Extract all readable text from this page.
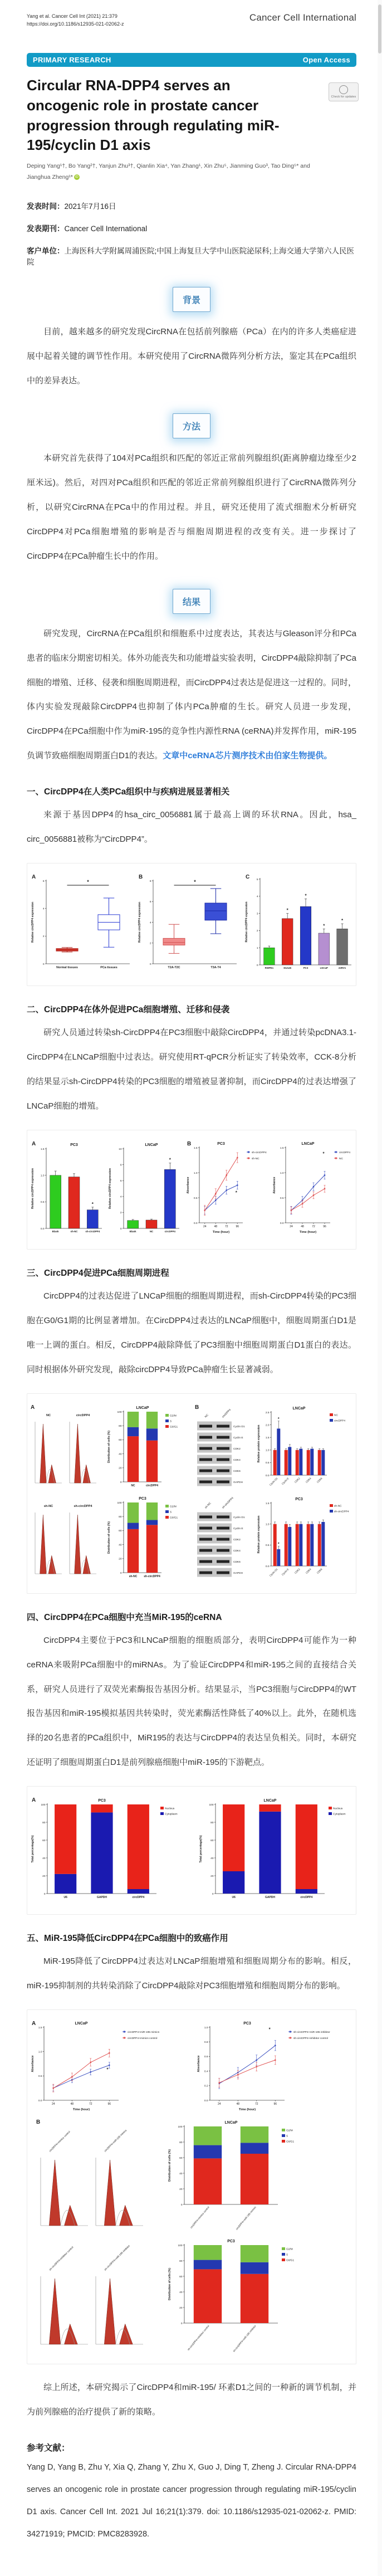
Yang et al. Cancer Cell Int (2021) 21:379
https://doi.org/10.1186/s12935-021-02062-z
Cancer Cell International
PRIMARY RESEARCH	Open Access
Circular RNA-DPP4 serves an oncogenic role in prostate cancer progression through regulating miR-195/cyclin D1 axis
Check for updates
Deping Yang¹†, Bo Yang²†, Yanjun Zhu³†, Qianlin Xia⁴, Yan Zhang¹, Xin Zhu⁵, Jianming Guo³, Tao Ding⁵* and Jianghua Zheng¹* iD
发表时间：2021年7月16日
发表期刊：Cancer Cell International
客户单位：上海医科大学附属周浦医院;中国上海复旦大学中山医院泌尿科;上海交通大学第六人民医院
背景

目前，越来越多的研究发现CircRNA在包括前列腺癌（PCa）在内的许多人类癌症进展中起着关键的调节性作用。本研究使用了CircRNA微阵列分析方法，鉴定其在PCa组织中的差异表达。

方法

本研究首先获得了104对PCa组织和匹配的邻近正常前列腺组织(距离肿瘤边缘至少2厘米远)。然后，对四对PCa组织和匹配的邻近正常前列腺组织进行了CircRNA微阵列分析，以研究CircRNA在PCa中的作用过程。并且，研究还使用了流式细胞术分析研究CircDPP4对PCa细胞增殖的影响是否与细胞周期进程的改变有关。进一步探讨了CircDPP4在PCa肿瘤生长中的作用。

结果

研究发现，CircRNA在PCa组织和细胞系中过度表达，其表达与Gleason评分和PCa患者的临床分期密切相关。体外功能丧失和功能增益实验表明，CircDPP4敲除抑制了PCa细胞的增殖、迁移、侵袭和细胞周期进程，而CircDPP4过表达是促进这一过程的。同时，体内实验发现敲除CircDPP4也抑制了体内PCa肿瘤的生长。研究人员进一步发现，CircDPP4在PCa细胞中作为miR-195的竞争性内源性RNA (ceRNA)并发挥作用，miR-195负调节致癌细胞周期蛋白D1的表达。文章中ceRNA芯片测序技术由伯家生物提供。

一、CircDPP4在人类PCa组织中与疾病进展显著相关

来源于基因DPP4的hsa_circ_0056881属于最高上调的环状RNA。因此，hsa_ circ_0056881被称为“CircDPP4”。

0
2
4
6
Relative circDPP4 expression
A
Normal tissues	PCa tissues
*
0
2
4
6
8
Relative circDPP4 expression
B
T2A-T2C	T3A-T4
*
0
1
2
3
4
5
Relative circDPP4 expression
C
RWPE1
*
DU145
*
PC3
*
LNCaP
*
22RV1
二、CircDPP4在体外促进PCa细胞增殖、迁移和侵袭

研究人员通过转染sh-CircDPP4在PC3细胞中敲除CircDPP4，并通过转染pcDNA3.1-CircDPP4在LNCaP细胞中过表达。研究使用RT-qPCR分析证实了转染效率，CCK-8分析的结果显示sh-CircDPP4转染的PC3细胞的增殖被显著抑制，而CircDPP4的过表达增强了LNCaP细胞的增殖。

0.0
0.5
1.0
1.5
Relative circDPP4 expression
PC3
A
Blank	sh-NC
*
sh-circDPP4
0
2
4
6
8
10
Relative circDPP4 expression
LNCaP
Blank	NC
*
circDPP4
0.0
0.5
1.0
1.5
Absorbance
PC3
B
24	48	72	96
Time (hour)
*
sh-circDPP4
sh-NC
0.0
0.5
1.0
1.5
Absorbance
LNCaP
24	48	72	96
Time (hour)
*	circDPP4
NC
三、CircDPP4促进PCa细胞周期进程

CircDPP4的过表达促进了LNCaP细胞的细胞周期进程，而sh-CircDPP4转染的PC3细胞在G0/G1期的比例显著增加。在CircDPP4过表达的LNCaP细胞中，细胞周期蛋白D1是唯一上调的蛋白。相反，CircDPP4敲除降低了PC3细胞中细胞周期蛋白D1蛋白的表达。同时根据体外研究发现，敲除circDPP4导致PCa肿瘤生长显著减弱。

A
NC	circDPP4
0
20
40
60
80
100
Distribution of cells (%)
LNCaP
NC	circDPP4
G2/M
S
G0/G1
B
NC	circDPP4
Cyclin D1
Cyclin E
CDK2
CDK4
CDK6
GAPDH
0.0
0.5
1.0
1.5
2.0
2.5
Relative protein expression
LNCaP
*
Cyclin D1 Cyclin E CDK2 CDK4 CDK6
NC
circDPP4
sh-NC	sh-circDPP4
0
20
40
60
80
100
Distribution of cells (%)
PC3
sh-NC sh-circDPP4
G2/M
S
G0/G1
sh-NC	sh-circDPP4
Cyclin D1
Cyclin E
CDK2
CDK4
CDK6
GAPDH
0.0
0.5
1.0
1.5
Relative protein expression
PC3
*
Cyclin D1 Cyclin E CDK2 CDK4 CDK6
sh-NC
sh-circDPP4
四、CircDPP4在PCa细胞中充当MiR-195的ceRNA

CircDPP4主要位于PC3和LNCaP细胞的细胞质部分，表明CircDPP4可能作为一种ceRNA来吸附PCa细胞中的miRNAs。为了验证CircDPP4和miR-195之间的直接结合关系，研究人员进行了双荧光素酶报告基因分析。结果显示，当PC3细胞与CircDPP4的WT报告基因和miR-195模拟基因共转染时，荧光素酶活性降低了40%以上。此外，在随机选择的20名患者的PCa组织中，MiR195的表达与CircDPP4的表达呈负相关。同时，本研究还证明了细胞周期蛋白D1是前列腺癌细胞中miR-195的下游靶点。

0
20
40
60
80
100
Total percentage(%)
PC3
A
U6	GAPDH	circDPP4
Nucleus
Cytoplasm
0
20
40
60
80
100
Total percentage(%)
LNCaP
U6	GAPDH	circDPP4
Nucleus
Cytoplasm
五、MiR-195降低CircDPP4在PCa细胞中的致癌作用

MiR-195降低了CircDPP4过表达对LNCaP细胞增殖和细胞周期分布的影响。相反，miR-195抑制剂的共转染消除了CircDPP4敲除对PC3细胞增殖和细胞周期分布的影响。

0.0
0.5
1.0
1.5
Absorbance
LNCaP
A
24	48	72	96
Time (hour)
*
circDPP4+miR-195 mimics
circDPP4+mimics control
0.0
0.2
0.4
0.6
0.8
1.0
Absorbance
PC3
24	48	72	96
Time (hour)
*
sh-circDPP4+miR-195 inhibitor
sh-circDPP4+inhibitor control
B
circDPP4+mimics control	circDPP4+miR-195 mimics
0
20
40
60
80
100
Distribution of cells (%)
LNCaP
circDPP4+mimics control	circDPP4+miR-195 mimics
G2/M
S
G0/G1
sh-circDPP4+inhibitor control	sh-circDPP4+miR-195 inhibitor
0
20
40
60
80
100
Distribution of cells (%)
PC3
sh-circDPP4+inhibitor control	sh-circDPP4+miR-195 inhibitor
G2/M
S
G0/G1

综上所述，本研究揭示了CircDPP4和miR-195/ 环素D1之间的一种新的调节机制，并为前列腺癌的治疗提供了新的策略。

参考文献：

Yang D, Yang B, Zhu Y, Xia Q, Zhang Y, Zhu X, Guo J, Ding T, Zheng J. Circular RNA-DPP4 serves an oncogenic role in prostate cancer progression through regulating miR-195/cyclin D1 axis. Cancer Cell Int. 2021 Jul 16;21(1):379. doi: 10.1186/s12935-021-02062-z. PMID: 34271919; PMCID: PMC8283928.
